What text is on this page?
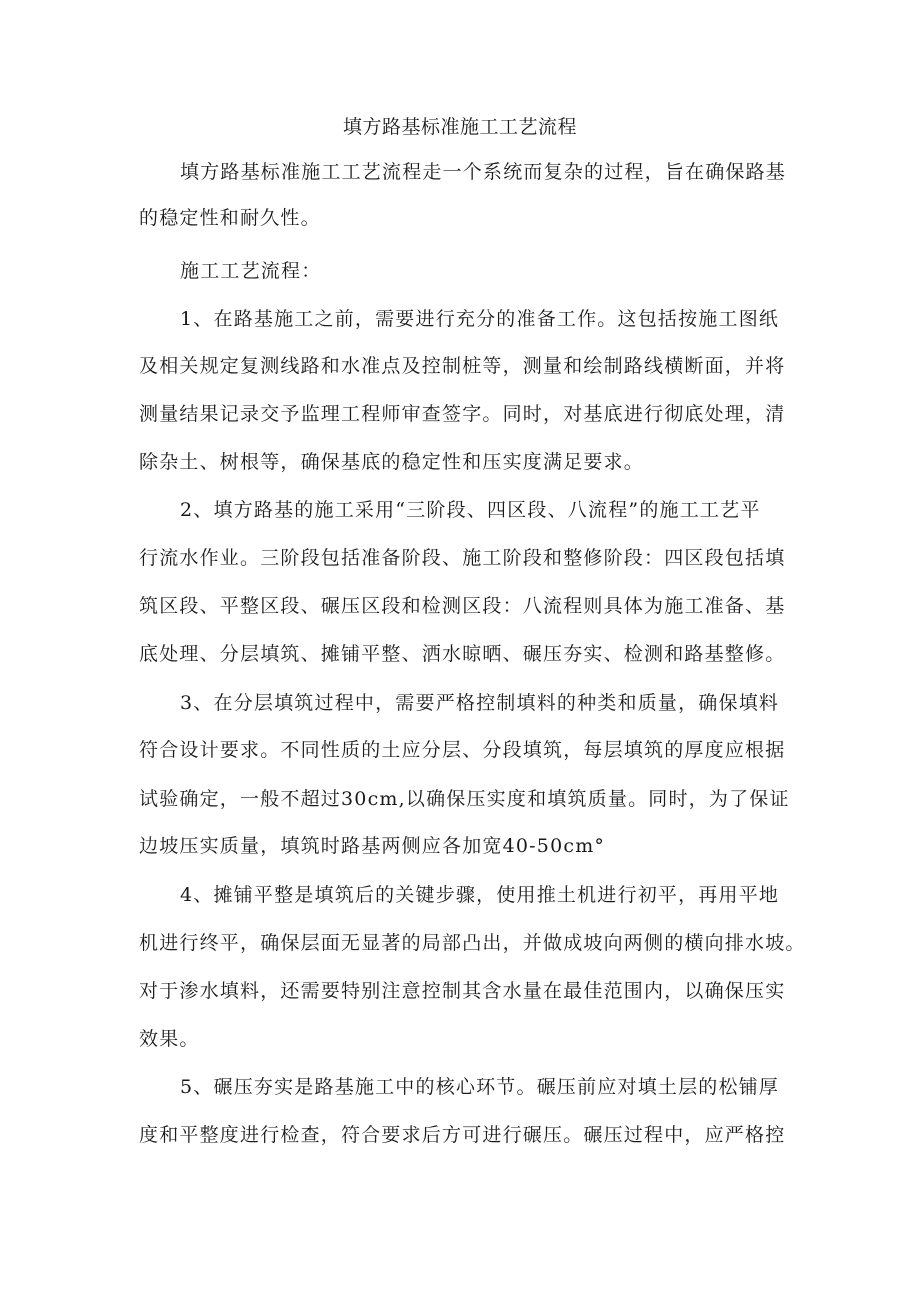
填方路基标准施工工艺流程
填方路基标准施工工艺流程走一个系统而复杂的过程，旨在确保路基
的稳定性和耐久性。
施工工艺流程：
1、在路基施工之前，需要进行充分的准备工作。这包括按施工图纸
及相关规定复测线路和水准点及控制桩等，测量和绘制路线横断面，并将
测量结果记录交予监理工程师审查签字。同时，对基底进行彻底处理，清
除杂土、树根等，确保基底的稳定性和压实度满足要求。
2、填方路基的施工采用“三阶段、四区段、八流程”的施工工艺平
行流水作业。三阶段包括准备阶段、施工阶段和整修阶段：四区段包括填
筑区段、平整区段、碾压区段和检测区段：八流程则具体为施工准备、基
底处理、分层填筑、摊铺平整、洒水晾晒、碾压夯实、检测和路基整修。
3、在分层填筑过程中，需要严格控制填料的种类和质量，确保填料
符合设计要求。不同性质的土应分层、分段填筑，每层填筑的厚度应根据
试验确定，一般不超过30cm,以确保压实度和填筑质量。同时，为了保证
边坡压实质量，填筑时路基两侧应各加宽40-50cm°
4、摊铺平整是填筑后的关键步骤，使用推土机进行初平，再用平地
机进行终平，确保层面无显著的局部凸出，并做成坡向两侧的横向排水坡。
对于渗水填料，还需要特别注意控制其含水量在最佳范围内，以确保压实
效果。
5、碾压夯实是路基施工中的核心环节。碾压前应对填土层的松铺厚
度和平整度进行检查，符合要求后方可进行碾压。碾压过程中，应严格控
